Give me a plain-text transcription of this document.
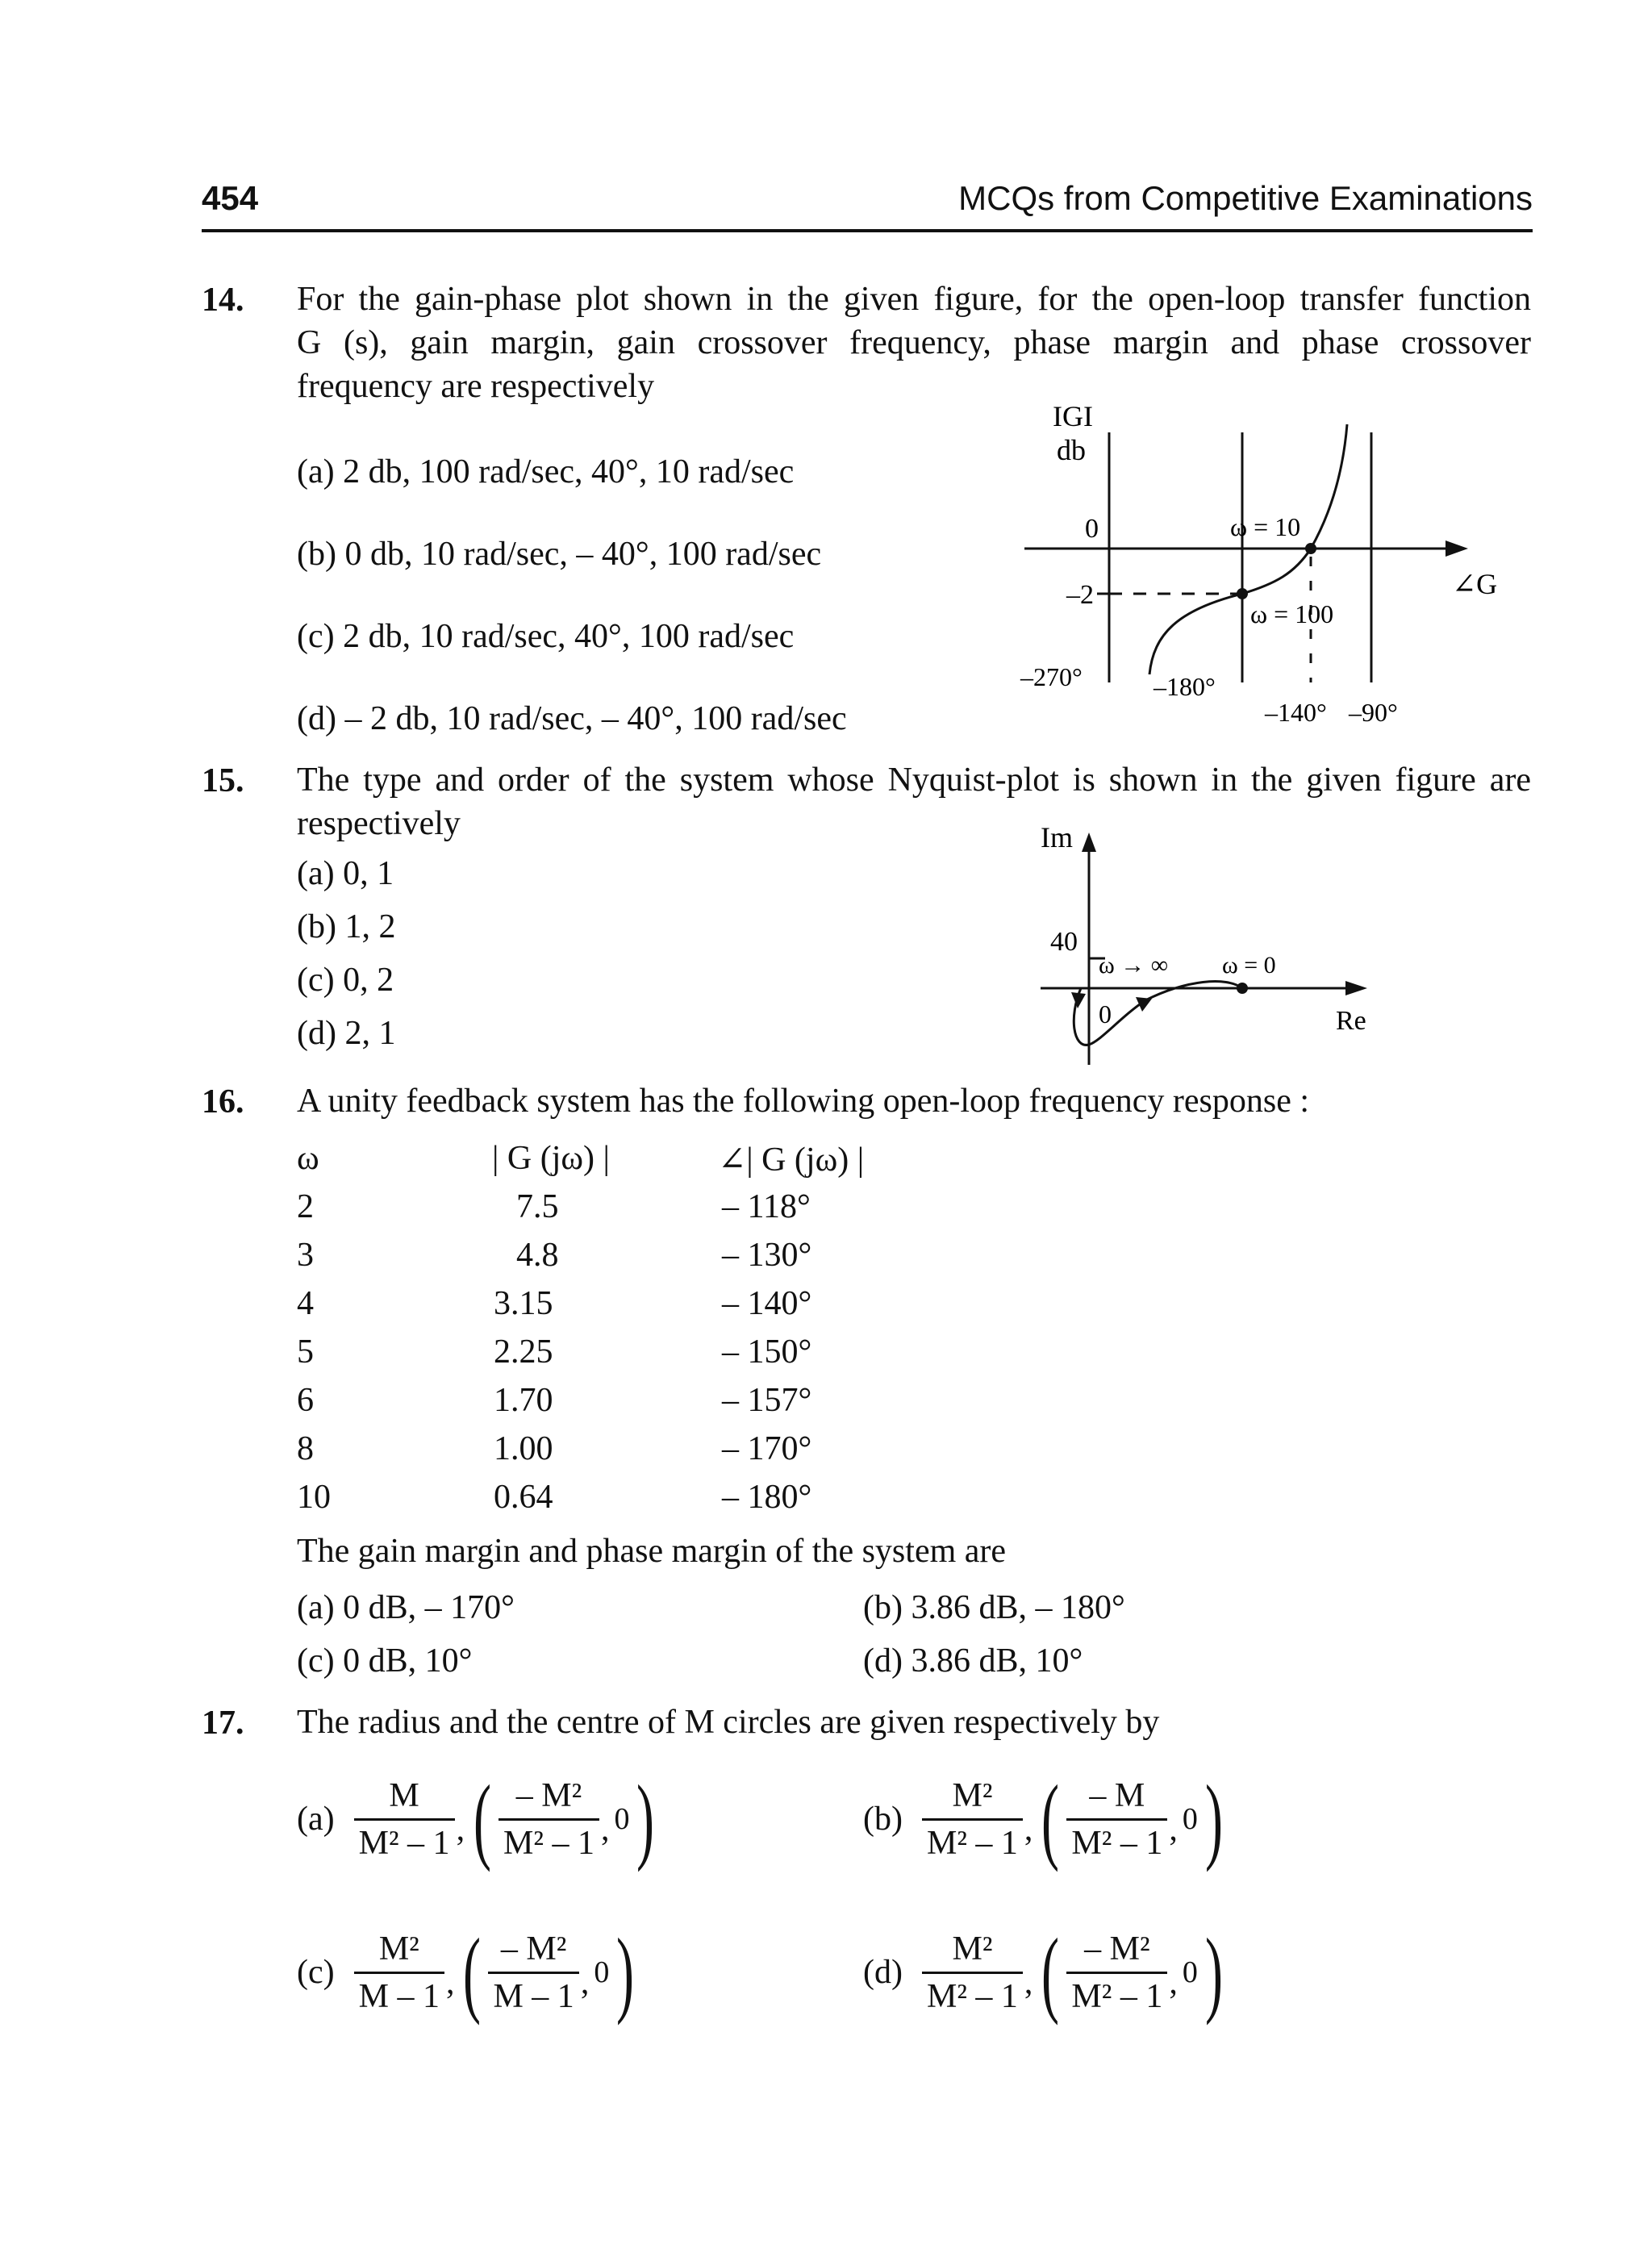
454	MCQs from Competitive Examinations
14. For the gain-phase plot shown in the given figure, for the open-loop transfer function
G (s), gain margin, gain crossover frequency, phase margin and phase crossover
frequency are respectively
(a) 2 db, 100 rad/sec, 40°, 10 rad/sec
(b) 0 db, 10 rad/sec, – 40°, 100 rad/sec
(c) 2 db, 10 rad/sec, 40°, 100 rad/sec
(d) – 2 db, 10 rad/sec, – 40°, 100 rad/sec
IGI
db
0
–2
ω = 10
ω = 100
∠G
–270°	–180°
–140° –90°
15. The type and order of the system whose Nyquist-plot is shown in the given figure are
respectively
(a) 0, 1
(b) 1, 2
(c) 0, 2
(d) 2, 1
Im
40
0
ω → ∞ ω = 0
Re
16. A unity feedback system has the following open-loop frequency response :
ω	| G (jω) |	∠| G (jω) |
2	7.5	– 118°
3	4.8	– 130°
4	3.15	– 140°
5	2.25	– 150°
6	1.70	– 157°
8	1.00	– 170°
10	0.64	– 180°
The gain margin and phase margin of the system are
(a) 0 dB, – 170°	(b) 3.86 dB, – 180°
(c) 0 dB, 10°	(d) 3.86 dB, 10°
17. The radius and the centre of M circles are given respectively by
$(a) \frac{M}{\text{M² – 1}}$ , ( $\frac{\text{– M²}}{\text{M² – 1}}$ , 0 )	$(b) \frac{\text{M²}}{\text{M² – 1}}$ , ( $\frac{- M}{\text{M² – 1}}$ , 0 )
$(c) \frac{\text{M²}}{M - 1}$ , ( $\frac{\text{– M²}}{M - 1}$ , 0 )	$(d) \frac{\text{M²}}{\text{M² – 1}}$ , ( $\frac{\text{– M²}}{\text{M² – 1}}$ , 0 )
